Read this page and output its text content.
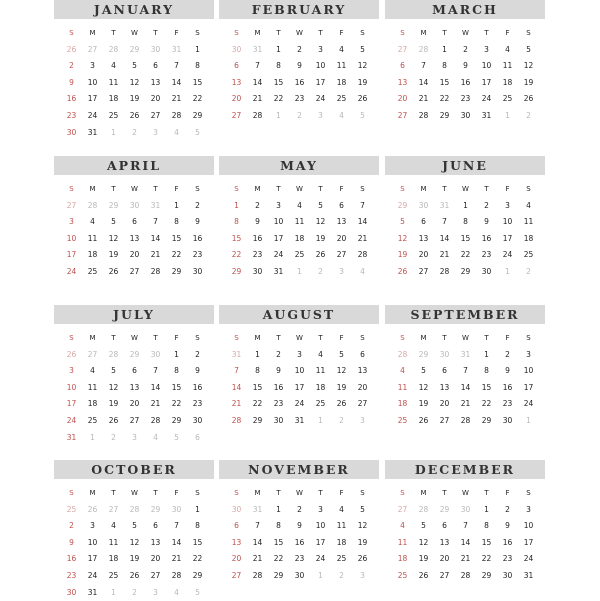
JANUARY
S	M	T	W	T	F	S
26	27	28	29	30	31	1
2	3	4	5	6	7	8
9	10	11	12	13	14	15
16	17	18	19	20	21	22
23	24	25	26	27	28	29
30	31	1	2	3	4	5
FEBRUARY
S	M	T	W	T	F	S
30	31	1	2	3	4	5
6	7	8	9	10	11	12
13	14	15	16	17	18	19
20	21	22	23	24	25	26
27	28	1	2	3	4	5
MARCH
S	M	T	W	T	F	S
27	28	1	2	3	4	5
6	7	8	9	10	11	12
13	14	15	16	17	18	19
20	21	22	23	24	25	26
27	28	29	30	31	1	2
APRIL
S	M	T	W	T	F	S
27	28	29	30	31	1	2
3	4	5	6	7	8	9
10	11	12	13	14	15	16
17	18	19	20	21	22	23
24	25	26	27	28	29	30
MAY
S	M	T	W	T	F	S
1	2	3	4	5	6	7
8	9	10	11	12	13	14
15	16	17	18	19	20	21
22	23	24	25	26	27	28
29	30	31	1	2	3	4
JUNE
S	M	T	W	T	F	S
29	30	31	1	2	3	4
5	6	7	8	9	10	11
12	13	14	15	16	17	18
19	20	21	22	23	24	25
26	27	28	29	30	1	2
JULY
S	M	T	W	T	F	S
26	27	28	29	30	1	2
3	4	5	6	7	8	9
10	11	12	13	14	15	16
17	18	19	20	21	22	23
24	25	26	27	28	29	30
31	1	2	3	4	5	6
AUGUST
S	M	T	W	T	F	S
31	1	2	3	4	5	6
7	8	9	10	11	12	13
14	15	16	17	18	19	20
21	22	23	24	25	26	27
28	29	30	31	1	2	3
SEPTEMBER
S	M	T	W	T	F	S
28	29	30	31	1	2	3
4	5	6	7	8	9	10
11	12	13	14	15	16	17
18	19	20	21	22	23	24
25	26	27	28	29	30	1
OCTOBER
S	M	T	W	T	F	S
25	26	27	28	29	30	1
2	3	4	5	6	7	8
9	10	11	12	13	14	15
16	17	18	19	20	21	22
23	24	25	26	27	28	29
30	31	1	2	3	4	5
NOVEMBER
S	M	T	W	T	F	S
30	31	1	2	3	4	5
6	7	8	9	10	11	12
13	14	15	16	17	18	19
20	21	22	23	24	25	26
27	28	29	30	1	2	3
DECEMBER
S	M	T	W	T	F	S
27	28	29	30	1	2	3
4	5	6	7	8	9	10
11	12	13	14	15	16	17
18	19	20	21	22	23	24
25	26	27	28	29	30	31
